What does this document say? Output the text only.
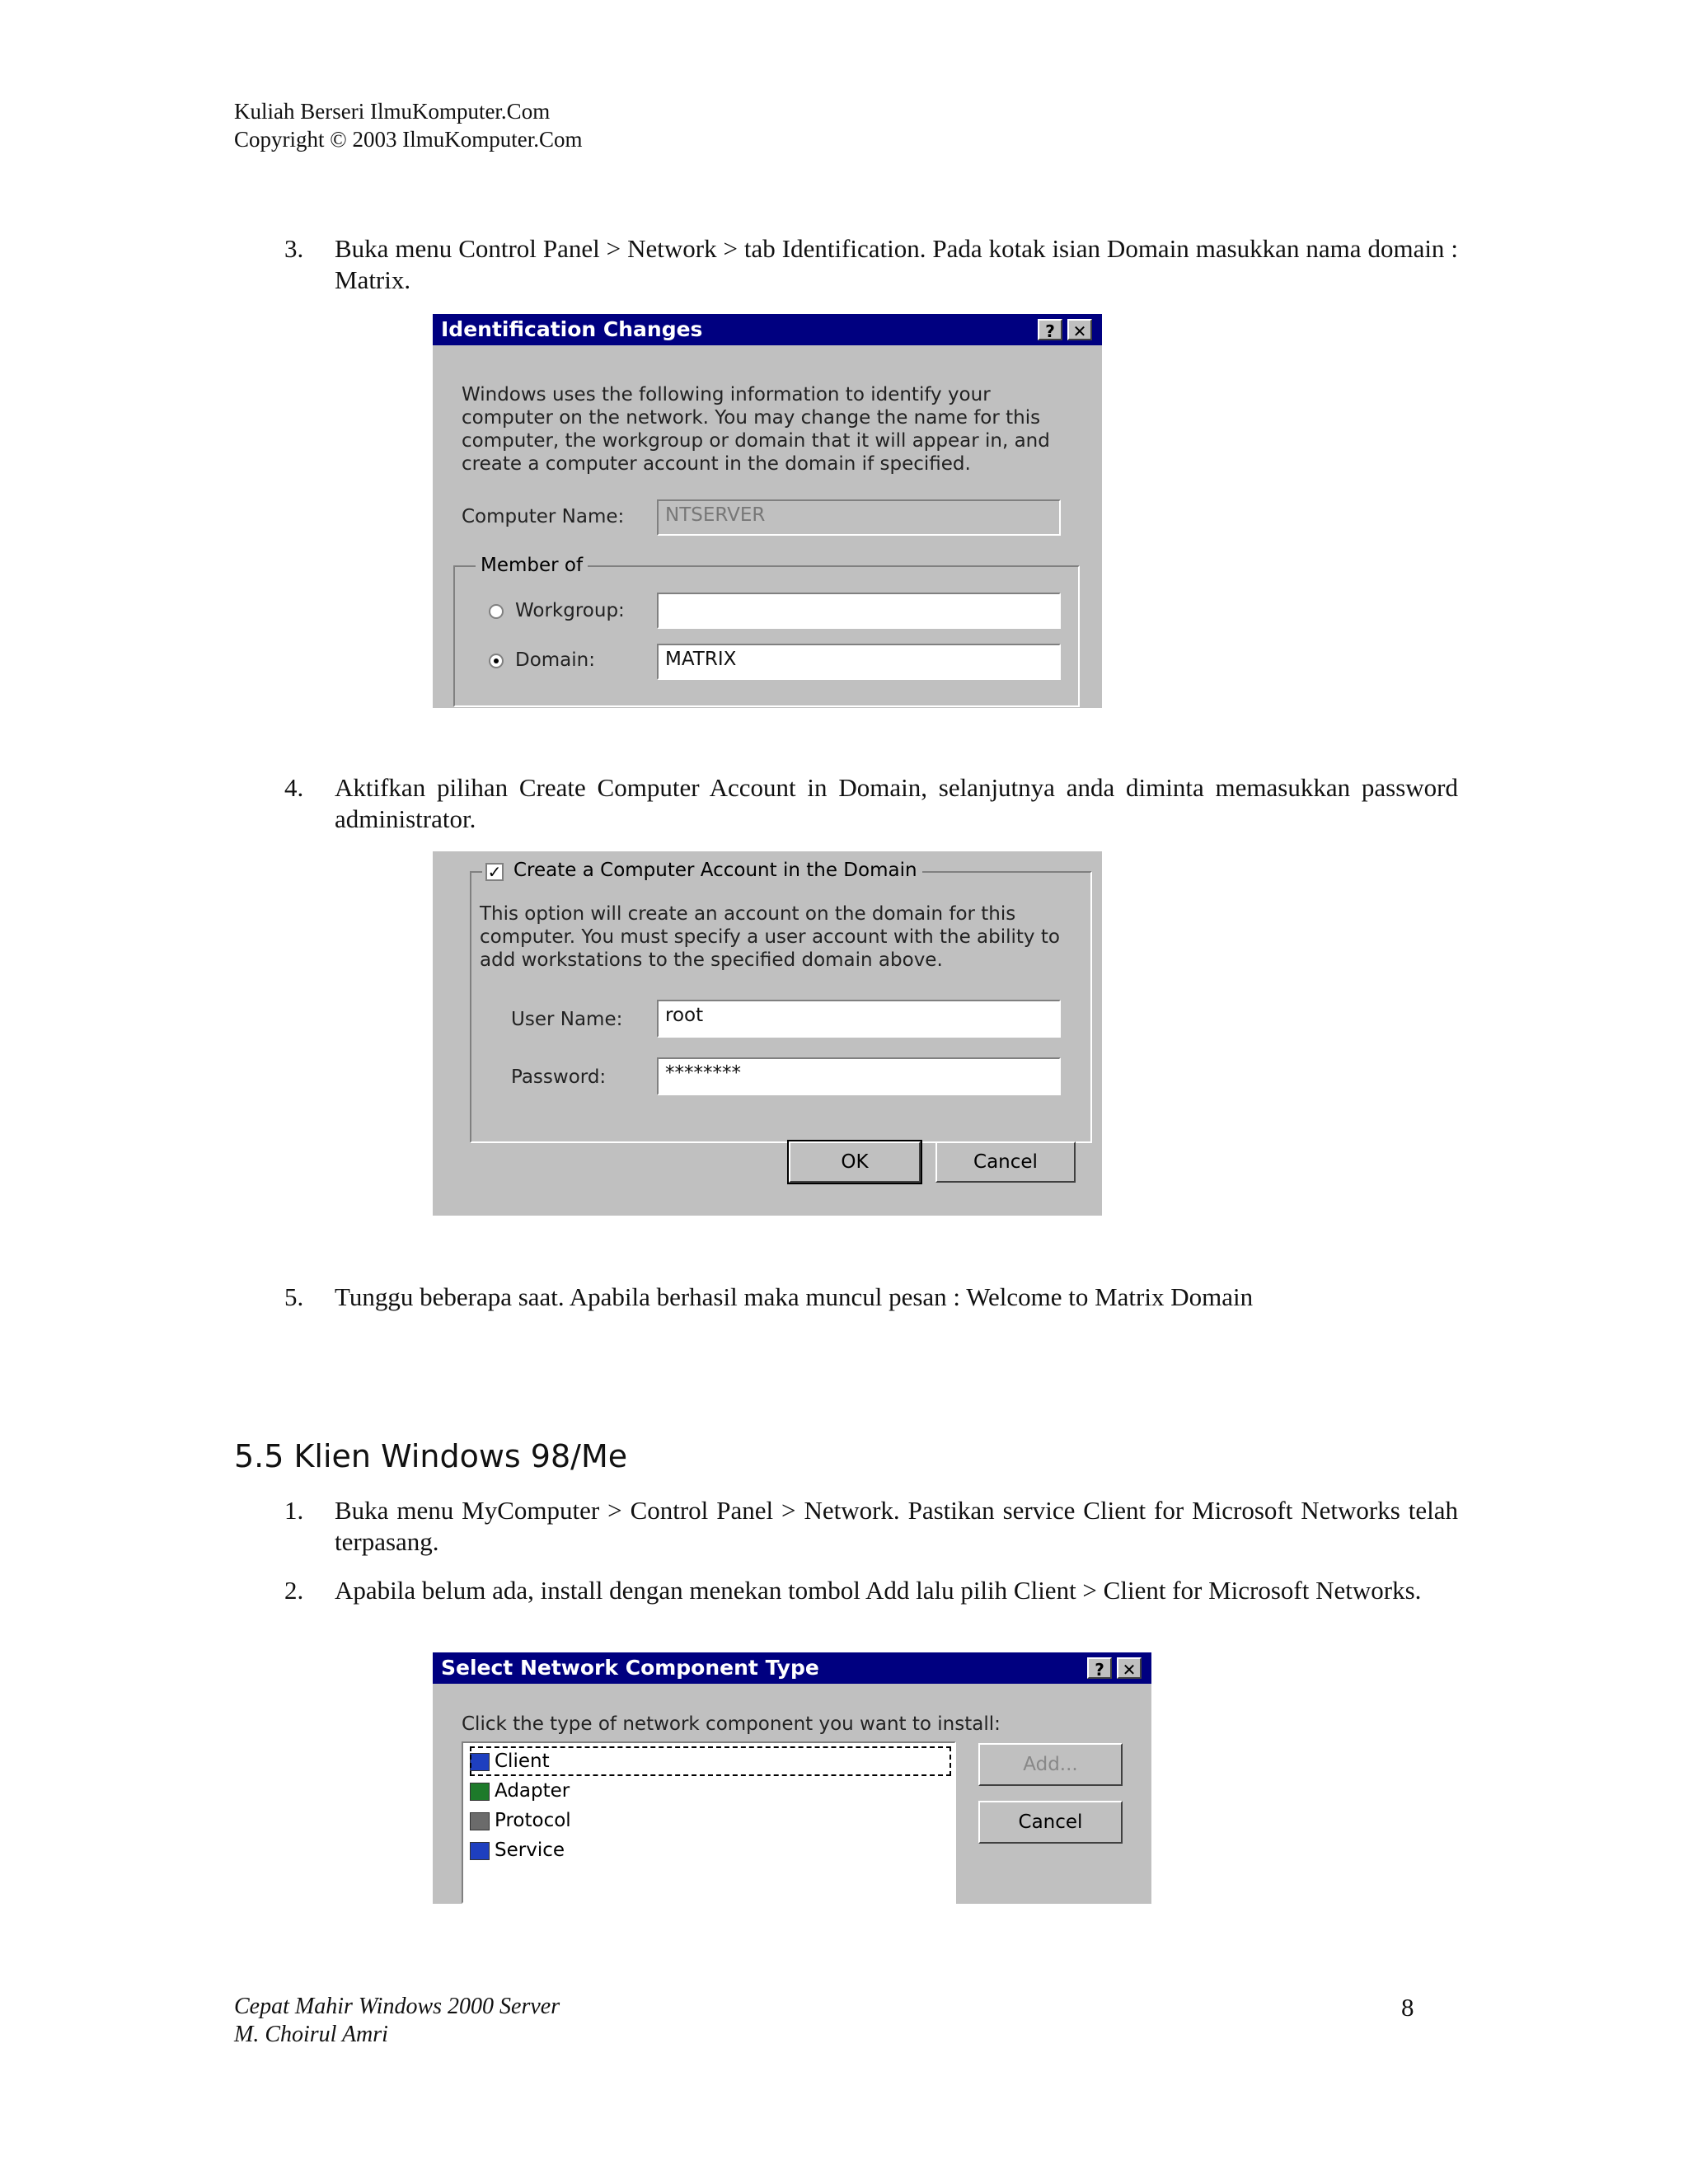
Kuliah Berseri IlmuKomputer.Com
Copyright © 2003 IlmuKomputer.Com
3. Buka menu Control Panel > Network > tab Identification. Pada kotak isian Domain masukkan nama domain : Matrix.
Identification Changes	?	✕
Windows uses the following information to identify your computer on the network. You may change the name for this computer, the workgroup or domain that it will appear in, and create a computer account in the domain if specified.
Computer Name:	NTSERVER
Member of
Workgroup:
Domain:	MATRIX
4. Aktifkan pilihan Create Computer Account in Domain, selanjutnya anda diminta memasukkan password administrator.
Create a Computer Account in the Domain
✓
This option will create an account on the domain for this computer. You must specify a user account with the ability to add workstations to the specified domain above.
User Name:	root
Password:	********
OK	Cancel
5. Tunggu beberapa saat. Apabila berhasil maka muncul pesan : Welcome to Matrix Domain
5.5 Klien Windows 98/Me
1. Buka menu MyComputer > Control Panel > Network. Pastikan service Client for Microsoft Networks telah terpasang.
2. Apabila belum ada, install dengan menekan tombol Add lalu pilih Client > Client for Microsoft Networks.
Select Network Component Type	?	✕
Click the type of network component you want to install:
Client
Adapter
Protocol
Service
Add...
Cancel
Cepat Mahir Windows 2000 Server
M. Choirul Amri
8
